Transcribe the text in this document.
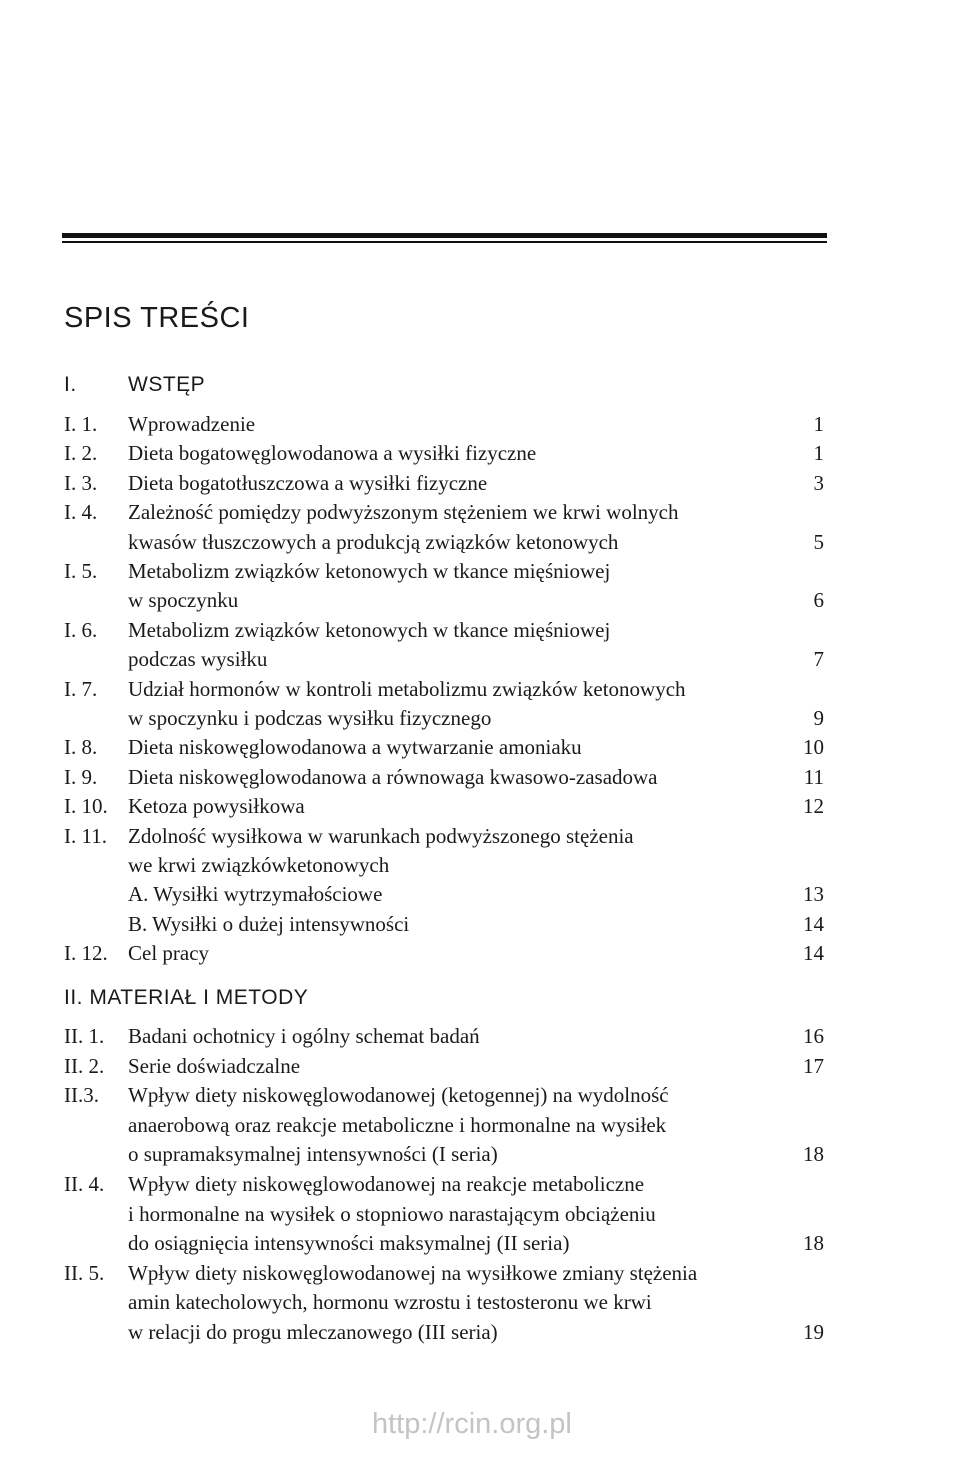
SPIS TREŚCI
I. WSTĘP
I. 1. Wprowadzenie	1
I. 2. Dieta bogatowęglowodanowa a wysiłki fizyczne	1
I. 3. Dieta bogatotłuszczowa a wysiłki fizyczne	3
I. 4. Zależność pomiędzy podwyższonym stężeniem we krwi wolnych
kwasów tłuszczowych a produkcją związków ketonowych	5
I. 5. Metabolizm związków ketonowych w tkance mięśniowej
w spoczynku	6
I. 6. Metabolizm związków ketonowych w tkance mięśniowej
podczas wysiłku	7
I. 7. Udział hormonów w kontroli metabolizmu związków ketonowych
w spoczynku i podczas wysiłku fizycznego	9
I. 8. Dieta niskowęglowodanowa a wytwarzanie amoniaku	10
I. 9. Dieta niskowęglowodanowa a równowaga kwasowo-zasadowa	11
I. 10. Ketoza powysiłkowa	12
I. 11. Zdolność wysiłkowa w warunkach podwyższonego stężenia
we krwi związkówketonowych
A. Wysiłki wytrzymałościowe	13
B. Wysiłki o dużej intensywności	14
I. 12. Cel pracy	14
II. MATERIAŁ I METODY
II. 1. Badani ochotnicy i ogólny schemat badań	16
II. 2. Serie doświadczalne	17
II.3. Wpływ diety niskowęglowodanowej (ketogennej) na wydolność
anaerobową oraz reakcje metaboliczne i hormonalne na wysiłek
o supramaksymalnej intensywności (I seria)	18
II. 4. Wpływ diety niskowęglowodanowej na reakcje metaboliczne
i hormonalne na wysiłek o stopniowo narastającym obciążeniu
do osiągnięcia intensywności maksymalnej (II seria)	18
II. 5. Wpływ diety niskowęglowodanowej na wysiłkowe zmiany stężenia
amin katecholowych, hormonu wzrostu i testosteronu we krwi
w relacji do progu mleczanowego (III seria)	19
http://rcin.org.pl
